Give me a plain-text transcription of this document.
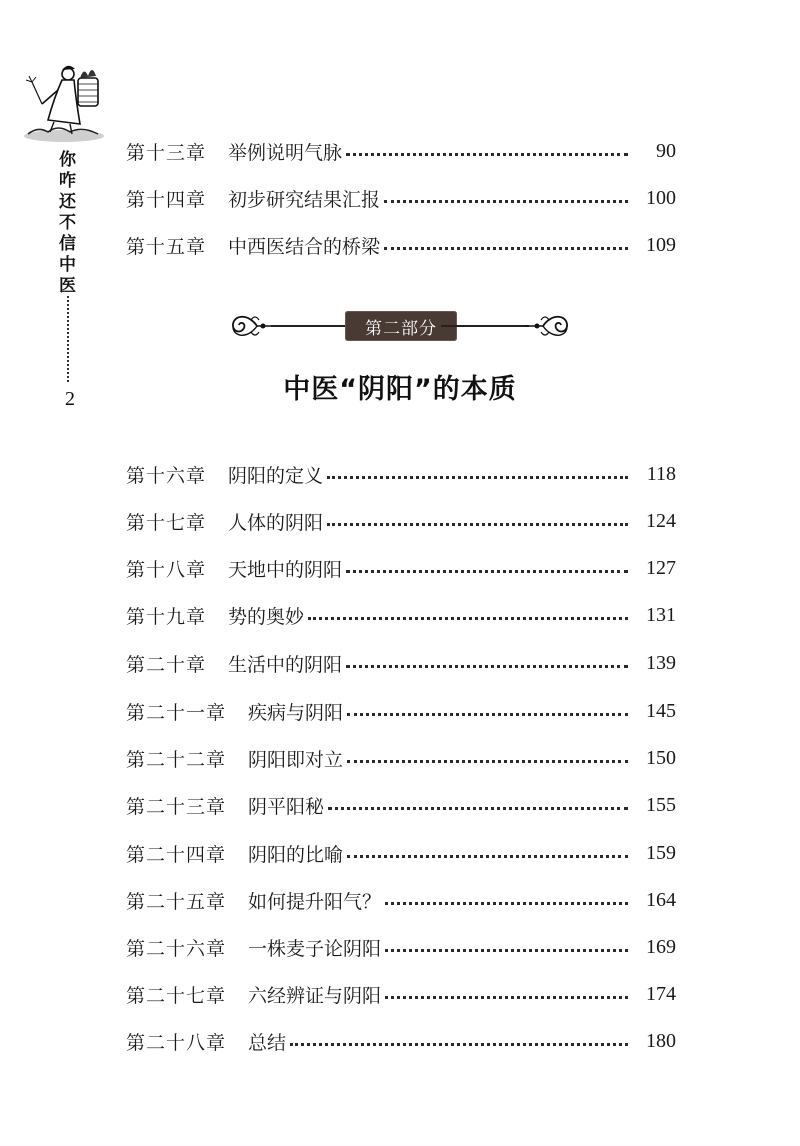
你咋还不信中医
2
第十三章 举例说明气脉	90
第十四章 初步研究结果汇报	100
第十五章 中西医结合的桥梁	109
第二部分
中医“阴阳”的本质
第十六章 阴阳的定义	118
第十七章 人体的阴阳	124
第十八章 天地中的阴阳	127
第十九章 势的奥妙	131
第二十章 生活中的阴阳	139
第二十一章 疾病与阴阳	145
第二十二章 阴阳即对立	150
第二十三章 阴平阳秘	155
第二十四章 阴阳的比喻	159
第二十五章 如何提升阳气？	164
第二十六章 一株麦子论阴阳	169
第二十七章 六经辨证与阴阳	174
第二十八章 总结	180
